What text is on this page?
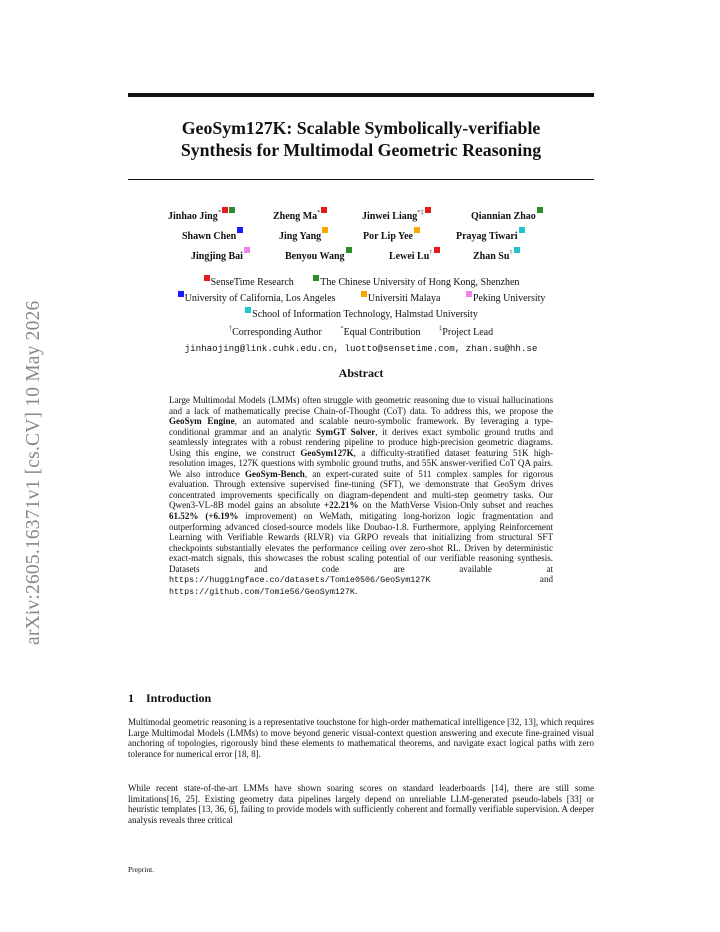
arXiv:2605.16371v1 [cs.CV] 10 May 2026
GeoSym127K: Scalable Symbolically-verifiable
Synthesis for Multimodal Geometric Reasoning
Jinhao Jing*	Zheng Ma*	Jinwei Liang*‡	Qiannian Zhao
Shawn Chen	Jing Yang	Por Lip Yee	Prayag Tiwari
Jingjing Bai	Benyou Wang	Lewei Lu†	Zhan Su†
SenseTime Research	The Chinese University of Hong Kong, Shenzhen
University of California, Los Angeles	Universiti Malaya	Peking University
School of Information Technology, Halmstad University
†Corresponding Author	*Equal Contribution	‡Project Lead
jinhaojing@link.cuhk.edu.cn, luotto@sensetime.com, zhan.su@hh.se
Abstract
Large Multimodal Models (LMMs) often struggle with geometric reasoning due to visual hallucinations and a lack of mathematically precise Chain-of-Thought (CoT) data. To address this, we propose the GeoSym Engine, an automated and scalable neuro-symbolic framework. By leveraging a type-conditional grammar and an analytic SymGT Solver, it derives exact symbolic ground truths and seamlessly integrates with a robust rendering pipeline to produce high-precision geometric diagrams. Using this engine, we construct GeoSym127K, a difficulty-stratified dataset featuring 51K high-resolution images, 127K questions with symbolic ground truths, and 55K answer-verified CoT QA pairs. We also introduce GeoSym-Bench, an expert-curated suite of 511 complex samples for rigorous evaluation. Through extensive supervised fine-tuning (SFT), we demonstrate that GeoSym drives concentrated improvements specifically on diagram-dependent and multi-step geometry tasks. Our Qwen3-VL-8B model gains an absolute +22.21% on the MathVerse Vision-Only subset and reaches 61.52% (+6.19% improvement) on WeMath, mitigating long-horizon logic fragmentation and outperforming advanced closed-source models like Doubao-1.8. Furthermore, applying Reinforcement Learning with Verifiable Rewards (RLVR) via GRPO reveals that initializing from structural SFT checkpoints substantially elevates the performance ceiling over zero-shot RL. Driven by deterministic exact-match signals, this showcases the robust scaling potential of our verifiable reasoning synthesis. Datasets and code are available at https://huggingface.co/datasets/Tomie0506/GeoSym127K and https://github.com/Tomie56/GeoSym127K.
1 Introduction
Multimodal geometric reasoning is a representative touchstone for high-order mathematical intelligence [32, 13], which requires Large Multimodal Models (LMMs) to move beyond generic visual-context question answering and execute fine-grained visual anchoring of topologies, rigorously bind these elements to mathematical theorems, and navigate exact logical paths with zero tolerance for numerical error [18, 8].
While recent state-of-the-art LMMs have shown soaring scores on standard leaderboards [14], there are still some limitations[16, 25]. Existing geometry data pipelines largely depend on unreliable LLM-generated pseudo-labels [33] or heuristic templates [13, 36, 6], failing to provide models with sufficiently coherent and formally verifiable supervision. A deeper analysis reveals three critical
Preprint.
